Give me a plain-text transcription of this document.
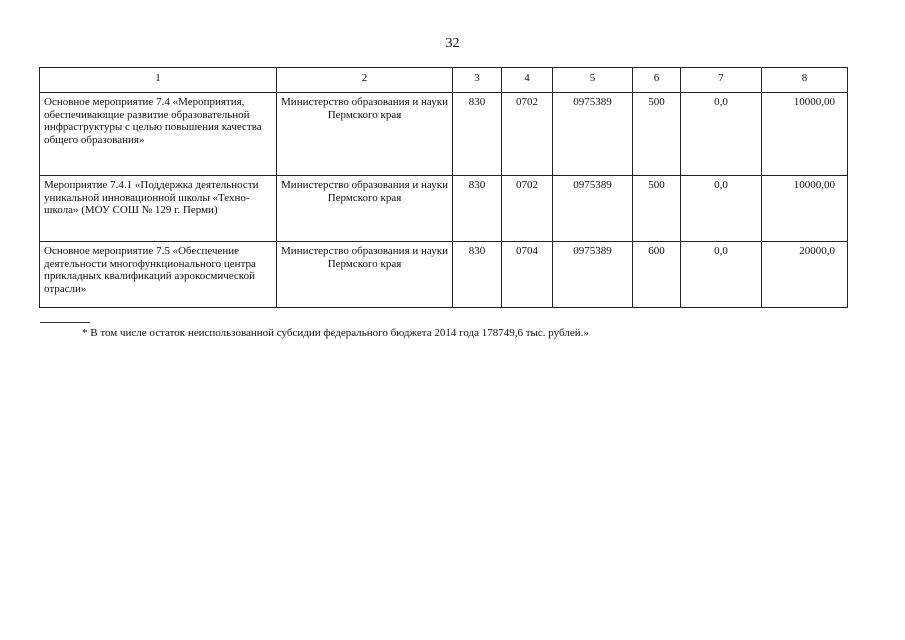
32
1	2	3	4	5	6	7	8
Основное мероприятие 7.4 «Мероприятия, обеспечивающие развитие образовательной инфраструктуры с целью повышения качества общего образования»	Министерство образования и науки Пермского края	830	0702	0975389	500	0,0	10000,00
Мероприятие 7.4.1 «Поддержка деятельности уникальной инновационной школы «Техно-школа» (МОУ СОШ № 129 г. Перми)	Министерство образования и науки Пермского края	830	0702	0975389	500	0,0	10000,00
Основное мероприятие 7.5 «Обеспечение деятельности многофункционального центра прикладных квалификаций аэрокосмической отрасли»	Министерство образования и науки Пермского края	830	0704	0975389	600	0,0	20000,0
* В том числе остаток неиспользованной субсидии федерального бюджета 2014 года 178749,6 тыс. рублей.»
